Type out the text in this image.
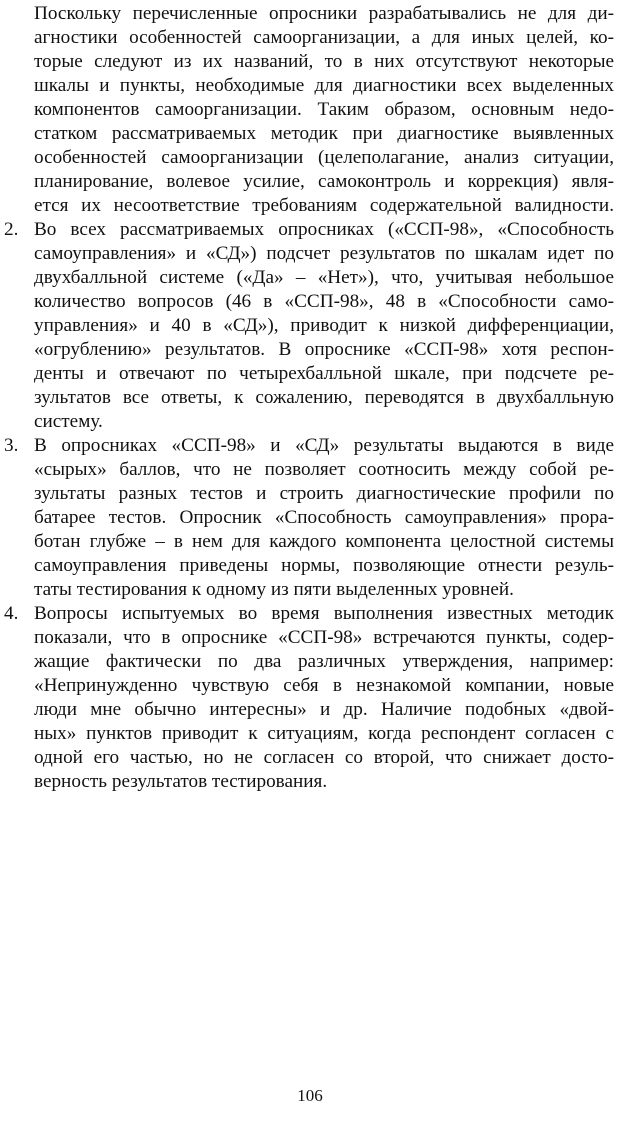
Поскольку перечисленные опросники разрабатывались не для ди-

агностики особенностей самоорганизации, а для иных целей, ко-

торые следуют из их названий, то в них отсутствуют некоторые

шкалы и пункты, необходимые для диагностики всех выделенных

компонентов самоорганизации. Таким образом, основным недо-

статком рассматриваемых методик при диагностике выявленных

особенностей самоорганизации (целеполагание, анализ ситуации,

планирование, волевое усилие, самоконтроль и коррекция) явля-

ется их несоответствие требованиям содержательной валидности.

2. Во всех рассматриваемых опросниках («ССП-98», «Способность

самоуправления» и «СД») подсчет результатов по шкалам идет по

двухбалльной системе («Да» – «Нет»), что, учитывая небольшое

количество вопросов (46 в «ССП-98», 48 в «Способности само-

управления» и 40 в «СД»), приводит к низкой дифференциации,

«огрублению» результатов. В опроснике «ССП-98» хотя респон-

денты и отвечают по четырехбалльной шкале, при подсчете ре-

зультатов все ответы, к сожалению, переводятся в двухбалльную

систему.

3. В опросниках «ССП-98» и «СД» результаты выдаются в виде

«сырых» баллов, что не позволяет соотносить между собой ре-

зультаты разных тестов и строить диагностические профили по

батарее тестов. Опросник «Способность самоуправления» прора-

ботан глубже – в нем для каждого компонента целостной системы

самоуправления приведены нормы, позволяющие отнести резуль-

таты тестирования к одному из пяти выделенных уровней.

4. Вопросы испытуемых во время выполнения известных методик

показали, что в опроснике «ССП-98» встречаются пункты, содер-

жащие фактически по два различных утверждения, например:

«Непринужденно чувствую себя в незнакомой компании, новые

люди мне обычно интересны» и др. Наличие подобных «двой-

ных» пунктов приводит к ситуациям, когда респондент согласен с

одной его частью, но не согласен со второй, что снижает досто-

верность результатов тестирования.

106
